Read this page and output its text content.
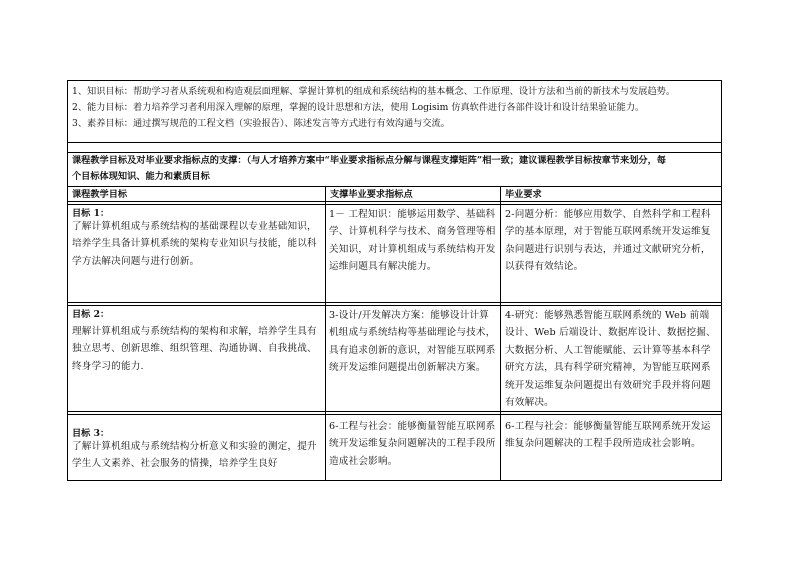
1、知识目标：帮助学习者从系统观和构造观层面理解、掌握计算机的组成和系统结构的基本概念、工作原理、设计方法和当前的新技术与发展趋势。
2、能力目标：着力培养学习者利用深入理解的原理，掌握的设计思想和方法，使用 Logisim 仿真软件进行各部件设计和设计结果验证能力。
3、素养目标：通过撰写规范的工程文档（实验报告）、陈述发言等方式进行有效沟通与交流。
课程教学目标及对毕业要求指标点的支撑：（与人才培养方案中“毕业要求指标点分解与课程支撑矩阵”相一致；建议课程教学目标按章节来划分，每
个目标体现知识、能力和素质目标
课程教学目标	支撑毕业要求指标点	毕业要求
目标 1：
了解计算机组成与系统结构的基础课程以专业基础知识，培养学生具备计算机系统的架构专业知识与技能，能以科学方法解决问题与进行创新。
1－ 工程知识：能够运用数学、基础科学、计算机科学与技术、商务管理等相关知识，对计算机组成与系统结构开发运维问题具有解决能力。
2-问题分析：能够应用数学、自然科学和工程科学的基本原理，对于智能互联网系统开发运维复杂问题进行识别与表达，并通过文献研究分析，以获得有效结论。
目标 2：
理解计算机组成与系统结构的架构和求解，培养学生具有独立思考、创新思维、组织管理、沟通协调、自我挑战、终身学习的能力.
3-设计/开发解决方案：能够设计计算机组成与系统结构等基础理论与技术，具有追求创新的意识，对智能互联网系统开发运维问题提出创新解决方案。
4-研究：能够熟悉智能互联网系统的 Web 前端设计、Web 后端设计、数据库设计、数据挖掘、大数据分析、人工智能赋能、云计算等基本科学研究方法，具有科学研究精神，为智能互联网系统开发运维复杂问题提出有效研究手段并将问题有效解决。
目标 3：
了解计算机组成与系统结构分析意义和实验的测定，提升学生人文素养、社会服务的情操，培养学生良好
6-工程与社会：能够衡量智能互联网系统开发运维复杂问题解决的工程手段所造成社会影响。
6-工程与社会：能够衡量智能互联网系统开发运维复杂问题解决的工程手段所造成社会影响。
